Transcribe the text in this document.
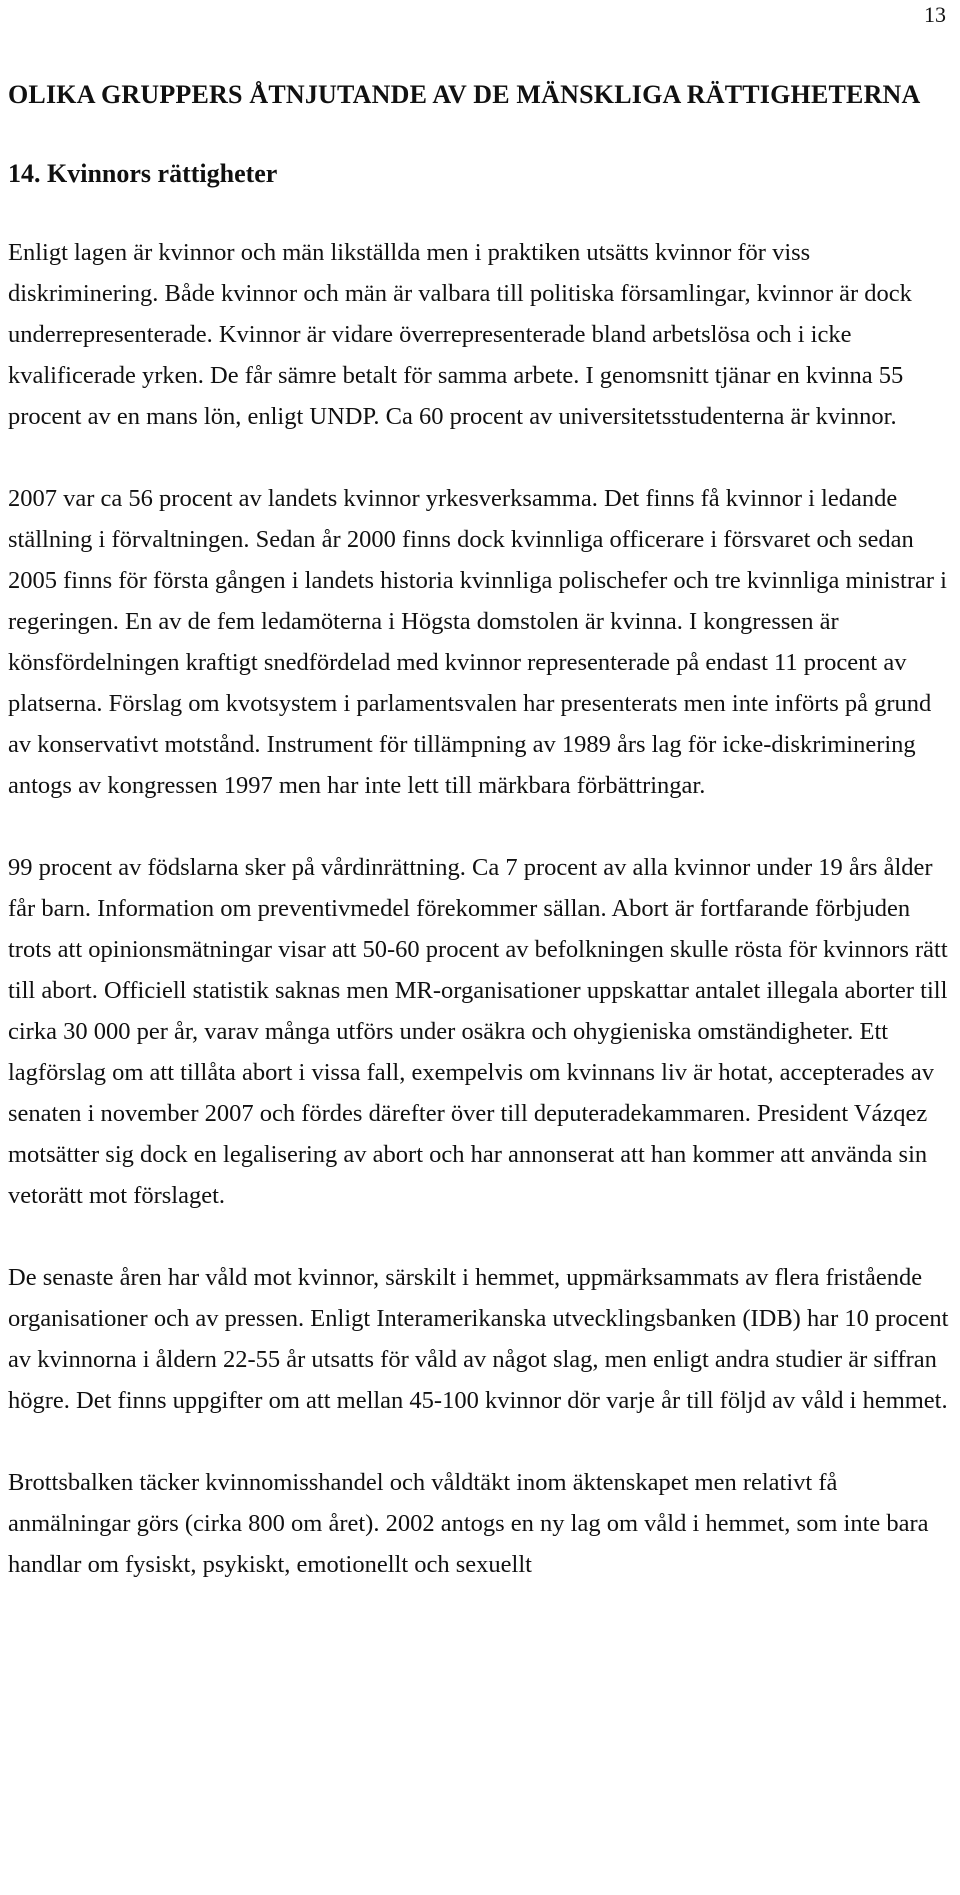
13
OLIKA GRUPPERS ÅTNJUTANDE AV DE MÄNSKLIGA RÄTTIGHETERNA
14. Kvinnors rättigheter

Enligt lagen är kvinnor och män likställda men i praktiken utsätts kvinnor för viss diskriminering. Både kvinnor och män är valbara till politiska församlingar, kvinnor är dock underrepresenterade. Kvinnor är vidare överrepresenterade bland arbetslösa och i icke kvalificerade yrken. De får sämre betalt för samma arbete. I genomsnitt tjänar en kvinna 55 procent av en mans lön, enligt UNDP. Ca 60 procent av universitetsstudenterna är kvinnor.

2007 var ca 56 procent av landets kvinnor yrkesverksamma. Det finns få kvinnor i ledande ställning i förvaltningen. Sedan år 2000 finns dock kvinnliga officerare i försvaret och sedan 2005 finns för första gången i landets historia kvinnliga polischefer och tre kvinnliga ministrar i regeringen. En av de fem ledamöterna i Högsta domstolen är kvinna. I kongressen är könsfördelningen kraftigt snedfördelad med kvinnor representerade på endast 11 procent av platserna. Förslag om kvotsystem i parlamentsvalen har presenterats men inte införts på grund av konservativt motstånd. Instrument för tillämpning av 1989 års lag för icke-diskriminering antogs av kongressen 1997 men har inte lett till märkbara förbättringar.

99 procent av födslarna sker på vårdinrättning. Ca 7 procent av alla kvinnor under 19 års ålder får barn. Information om preventivmedel förekommer sällan. Abort är fortfarande förbjuden trots att opinionsmätningar visar att 50-60 procent av befolkningen skulle rösta för kvinnors rätt till abort. Officiell statistik saknas men MR-organisationer uppskattar antalet illegala aborter till cirka 30 000 per år, varav många utförs under osäkra och ohygieniska omständigheter. Ett lagförslag om att tillåta abort i vissa fall, exempelvis om kvinnans liv är hotat, accepterades av senaten i november 2007 och fördes därefter över till deputeradekammaren. President Vázqez motsätter sig dock en legalisering av abort och har annonserat att han kommer att använda sin vetorätt mot förslaget.

De senaste åren har våld mot kvinnor, särskilt i hemmet, uppmärksammats av flera fristående organisationer och av pressen. Enligt Interamerikanska utvecklingsbanken (IDB) har 10 procent av kvinnorna i åldern 22-55 år utsatts för våld av något slag, men enligt andra studier är siffran högre. Det finns uppgifter om att mellan 45-100 kvinnor dör varje år till följd av våld i hemmet.

Brottsbalken täcker kvinnomisshandel och våldtäkt inom äktenskapet men relativt få anmälningar görs (cirka 800 om året). 2002 antogs en ny lag om våld i hemmet, som inte bara handlar om fysiskt, psykiskt, emotionellt och sexuellt
